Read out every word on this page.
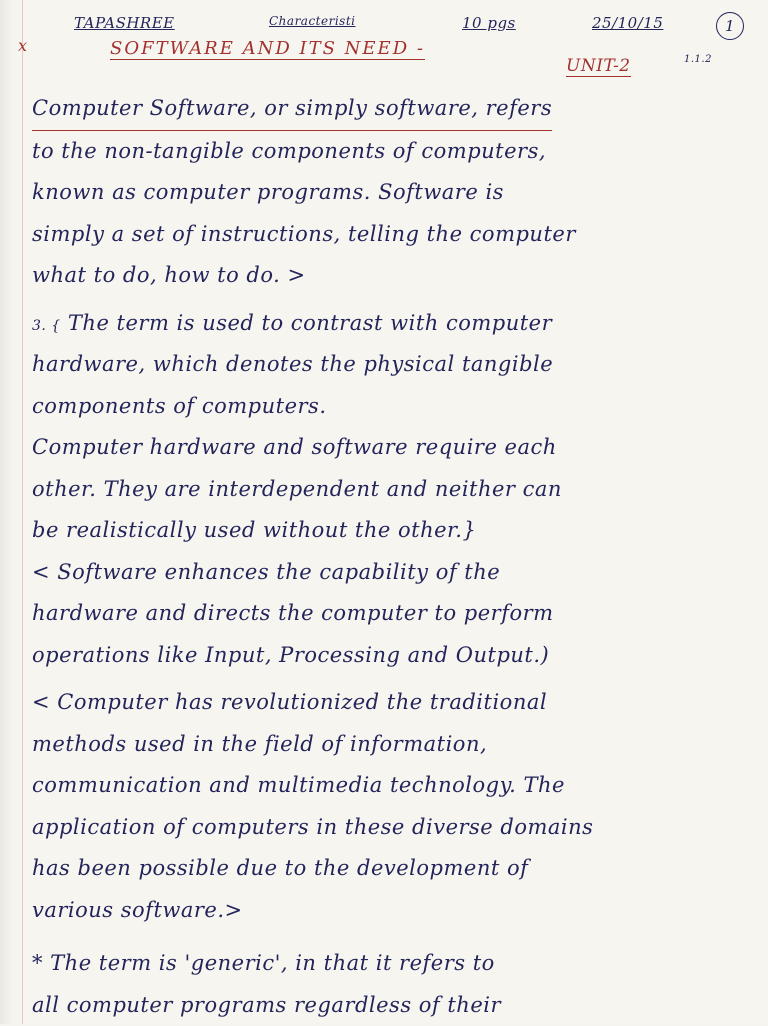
TAPASHREE	Characteristi	10 pgs	25/10/15	1
x	SOFTWARE AND ITS NEED -
UNIT-2	1.1.2
Computer Software, or simply software, refers
to the non-tangible components of computers,
known as computer programs. Software is
simply a set of instructions, telling the computer
what to do, how to do. >
3. { The term is used to contrast with computer
hardware, which denotes the physical tangible
components of computers.
Computer hardware and software require each
other. They are interdependent and neither can
be realistically used without the other.}
< Software enhances the capability of the
hardware and directs the computer to perform
operations like Input, Processing and Output.)
< Computer has revolutionized the traditional
methods used in the field of information,
communication and multimedia technology. The
application of computers in these diverse domains
has been possible due to the development of
various software.>
* The term is 'generic', in that it refers to
all computer programs regardless of their
